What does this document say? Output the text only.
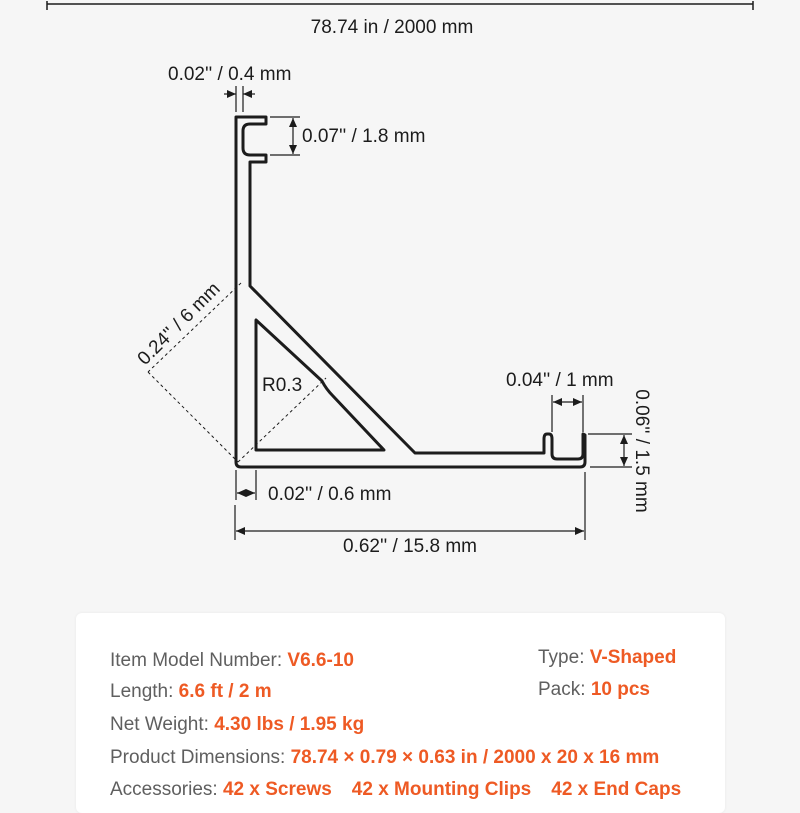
78.74 in / 2000 mm
0.24'' / 6 mm
R0.3
0.02'' / 0.4 mm
0.07'' / 1.8 mm
0.04'' / 1 mm
0.06'' / 1.5 mm
0.02'' / 0.6 mm
0.62'' / 15.8 mm
Item Model Number: V6.6-10
Length: 6.6 ft / 2 m
Net Weight: 4.30 lbs / 1.95 kg
Product Dimensions: 78.74 × 0.79 × 0.63 in / 2000 x 20 x 16 mm
Accessories: 42 x Screws 42 x Mounting Clips 42 x End Caps
Type: V-Shaped
Pack: 10 pcs
